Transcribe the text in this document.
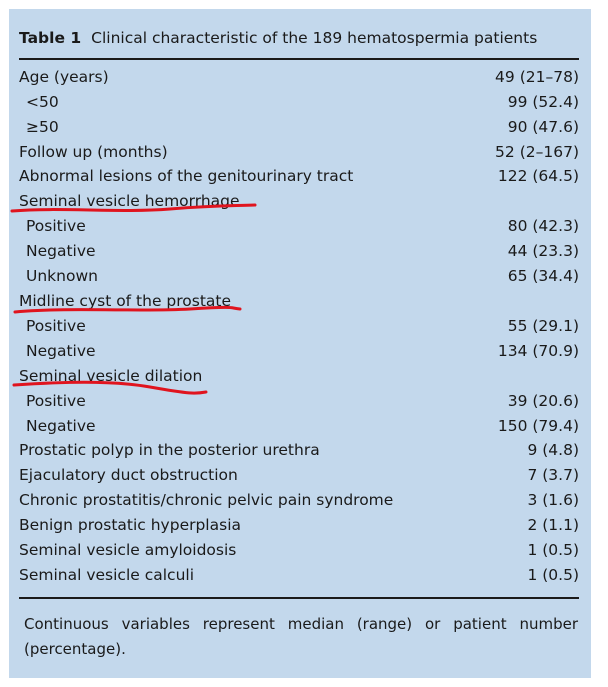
Table 1 Clinical characteristic of the 189 hematospermia patients
Age (years)	49 (21–78)
<50	99 (52.4)
≥50	90 (47.6)
Follow up (months)	52 (2–167)
Abnormal lesions of the genitourinary tract	122 (64.5)
Seminal vesicle hemorrhage
Positive	80 (42.3)
Negative	44 (23.3)
Unknown	65 (34.4)
Midline cyst of the prostate
Positive	55 (29.1)
Negative	134 (70.9)
Seminal vesicle dilation
Positive	39 (20.6)
Negative	150 (79.4)
Prostatic polyp in the posterior urethra	9 (4.8)
Ejaculatory duct obstruction	7 (3.7)
Chronic prostatitis/chronic pelvic pain syndrome	3 (1.6)
Benign prostatic hyperplasia	2 (1.1)
Seminal vesicle amyloidosis	1 (0.5)
Seminal vesicle calculi	1 (0.5)
Continuous variables represent median (range) or patient number (percentage).
